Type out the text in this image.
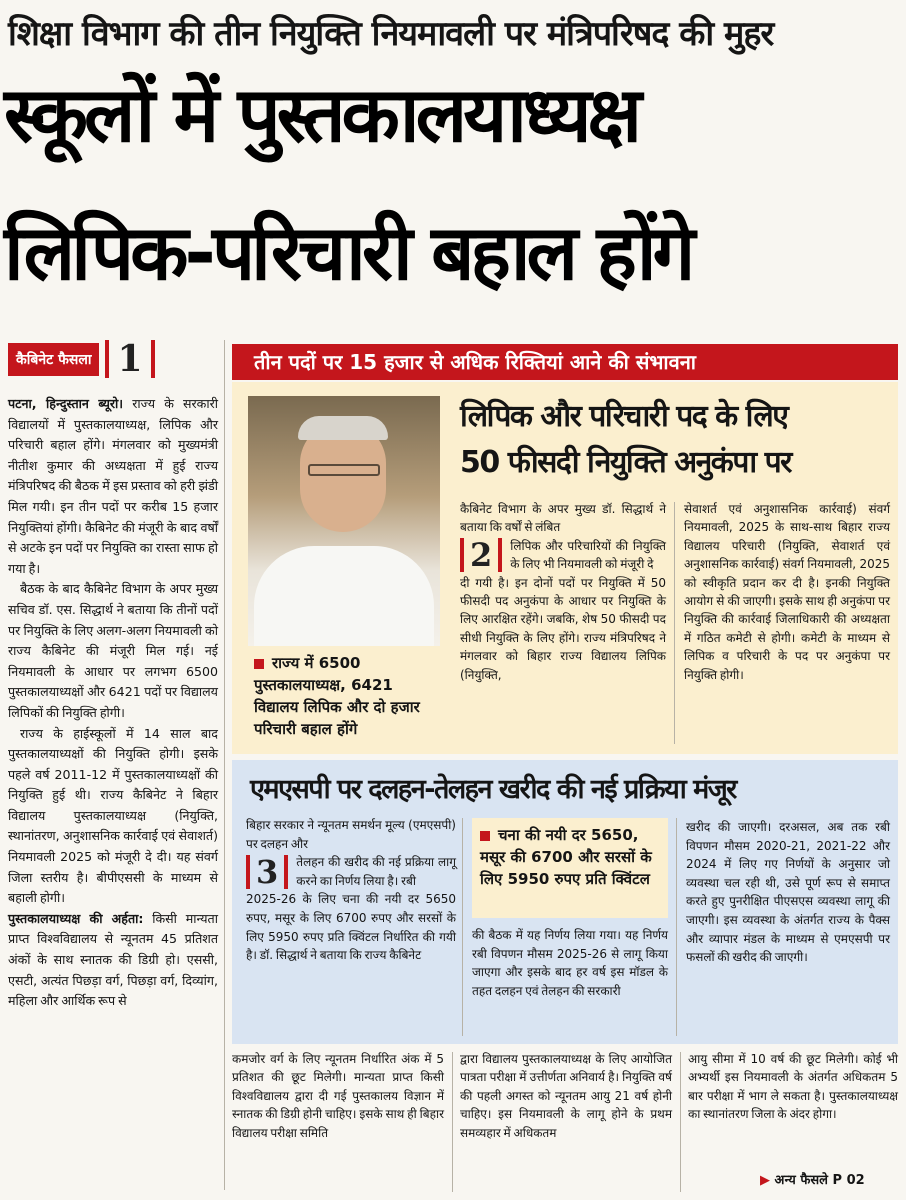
शिक्षा विभाग की तीन नियुक्ति नियमावली पर मंत्रिपरिषद की मुहर
स्कूलों में पुस्तकालयाध्यक्ष
लिपिक-परिचारी बहाल होंगे
कैबिनेट फैसला 1

पटना, हिन्दुस्तान ब्यूरो। राज्य के सरकारी विद्यालयों में पुस्तकालयाध्यक्ष, लिपिक और परिचारी बहाल होंगे। मंगलवार को मुख्यमंत्री नीतीश कुमार की अध्यक्षता में हुई राज्य मंत्रिपरिषद की बैठक में इस प्रस्ताव को हरी झंडी मिल गयी। इन तीन पदों पर करीब 15 हजार नियुक्तियां होंगी। कैबिनेट की मंजूरी के बाद वर्षों से अटके इन पदों पर नियुक्ति का रास्ता साफ हो गया है।

बैठक के बाद कैबिनेट विभाग के अपर मुख्य सचिव डॉ. एस. सिद्धार्थ ने बताया कि तीनों पदों पर नियुक्ति के लिए अलग-अलग नियमावली को राज्य कैबिनेट की मंजूरी मिल गई। नई नियमावली के आधार पर लगभग 6500 पुस्तकालयाध्यक्षों और 6421 पदों पर विद्यालय लिपिकों की नियुक्ति होगी।

राज्य के हाईस्कूलों में 14 साल बाद पुस्तकालयाध्यक्षों की नियुक्ति होगी। इसके पहले वर्ष 2011-12 में पुस्तकालयाध्यक्षों की नियुक्ति हुई थी। राज्य कैबिनेट ने बिहार विद्यालय पुस्तकालयाध्यक्ष (नियुक्ति, स्थानांतरण, अनुशासनिक कार्रवाई एवं सेवाशर्त) नियमावली 2025 को मंजूरी दे दी। यह संवर्ग जिला स्तरीय है। बीपीएससी के माध्यम से बहाली होगी।

पुस्तकालयाध्यक्ष की अर्हता: किसी मान्यता प्राप्त विश्वविद्यालय से न्यूनतम 45 प्रतिशत अंकों के साथ स्नातक की डिग्री हो। एससी, एसटी, अत्यंत पिछड़ा वर्ग, पिछड़ा वर्ग, दिव्यांग, महिला और आर्थिक रूप से

तीन पदों पर 15 हजार से अधिक रिक्तियां आने की संभावना
राज्य में 6500 पुस्तकालयाध्यक्ष, 6421 विद्यालय लिपिक और दो हजार परिचारी बहाल होंगे
लिपिक और परिचारी पद के लिए
50 फीसदी नियुक्ति अनुकंपा पर

कैबिनेट विभाग के अपर मुख्य डॉ. सिद्धार्थ ने बताया कि वर्षों से लंबित

2	लिपिक और परिचारियों की नियुक्ति के लिए भी नियमावली को मंजूरी दे

दी गयी है। इन दोनों पदों पर नियुक्ति में 50 फीसदी पद अनुकंपा के आधार पर नियुक्ति के लिए आरक्षित रहेंगे। जबकि, शेष 50 फीसदी पद सीधी नियुक्ति के लिए होंगे। राज्य मंत्रिपरिषद ने मंगलवार को बिहार राज्य विद्यालय लिपिक (नियुक्ति,

सेवाशर्त एवं अनुशासनिक कार्रवाई) संवर्ग नियमावली, 2025 के साथ-साथ बिहार राज्य विद्यालय परिचारी (नियुक्ति, सेवाशर्त एवं अनुशासनिक कार्रवाई) संवर्ग नियमावली, 2025 को स्वीकृति प्रदान कर दी है। इनकी नियुक्ति आयोग से की जाएगी। इसके साथ ही अनुकंपा पर नियुक्ति की कार्रवाई जिलाधिकारी की अध्यक्षता में गठित कमेटी से होगी। कमेटी के माध्यम से लिपिक व परिचारी के पद पर अनुकंपा पर नियुक्ति होगी।
एमएसपी पर दलहन-तेलहन खरीद की नई प्रक्रिया मंजूर

बिहार सरकार ने न्यूनतम समर्थन मूल्य (एमएसपी) पर दलहन और

3	तेलहन की खरीद की नई प्रक्रिया लागू करने का निर्णय लिया है। रबी

2025-26 के लिए चना की नयी दर 5650 रुपए, मसूर के लिए 6700 रुपए और सरसों के लिए 5950 रुपए प्रति क्विंटल निर्धारित की गयी है। डॉ. सिद्धार्थ ने बताया कि राज्य कैबिनेट

चना की नयी दर 5650, मसूर की 6700 और सरसों के लिए 5950 रुपए प्रति क्विंटल
की बैठक में यह निर्णय लिया गया। यह निर्णय रबी विपणन मौसम 2025-26 से लागू किया जाएगा और इसके बाद हर वर्ष इस मॉडल के तहत दलहन एवं तेलहन की सरकारी
खरीद की जाएगी। दरअसल, अब तक रबी विपणन मौसम 2020-21, 2021-22 और 2024 में लिए गए निर्णयों के अनुसार जो व्यवस्था चल रही थी, उसे पूर्ण रूप से समाप्त करते हुए पुनरीक्षित पीएसएस व्यवस्था लागू की जाएगी। इस व्यवस्था के अंतर्गत राज्य के पैक्स और व्यापार मंडल के माध्यम से एमएसपी पर फसलों की खरीद की जाएगी।
कमजोर वर्ग के लिए न्यूनतम निर्धारित अंक में 5 प्रतिशत की छूट मिलेगी। मान्यता प्राप्त किसी विश्वविद्यालय द्वारा दी गई पुस्तकालय विज्ञान में स्नातक की डिग्री होनी चाहिए। इसके साथ ही बिहार विद्यालय परीक्षा समिति
द्वारा विद्यालय पुस्तकालयाध्यक्ष के लिए आयोजित पात्रता परीक्षा में उत्तीर्णता अनिवार्य है। नियुक्ति वर्ष की पहली अगस्त को न्यूनतम आयु 21 वर्ष होनी चाहिए। इस नियमावली के लागू होने के प्रथम समव्यहार में अधिकतम
आयु सीमा में 10 वर्ष की छूट मिलेगी। कोई भी अभ्यर्थी इस नियमावली के अंतर्गत अधिकतम 5 बार परीक्षा में भाग ले सकता है। पुस्तकालयाध्यक्ष का स्थानांतरण जिला के अंदर होगा।
▶ अन्य फैसले P 02
